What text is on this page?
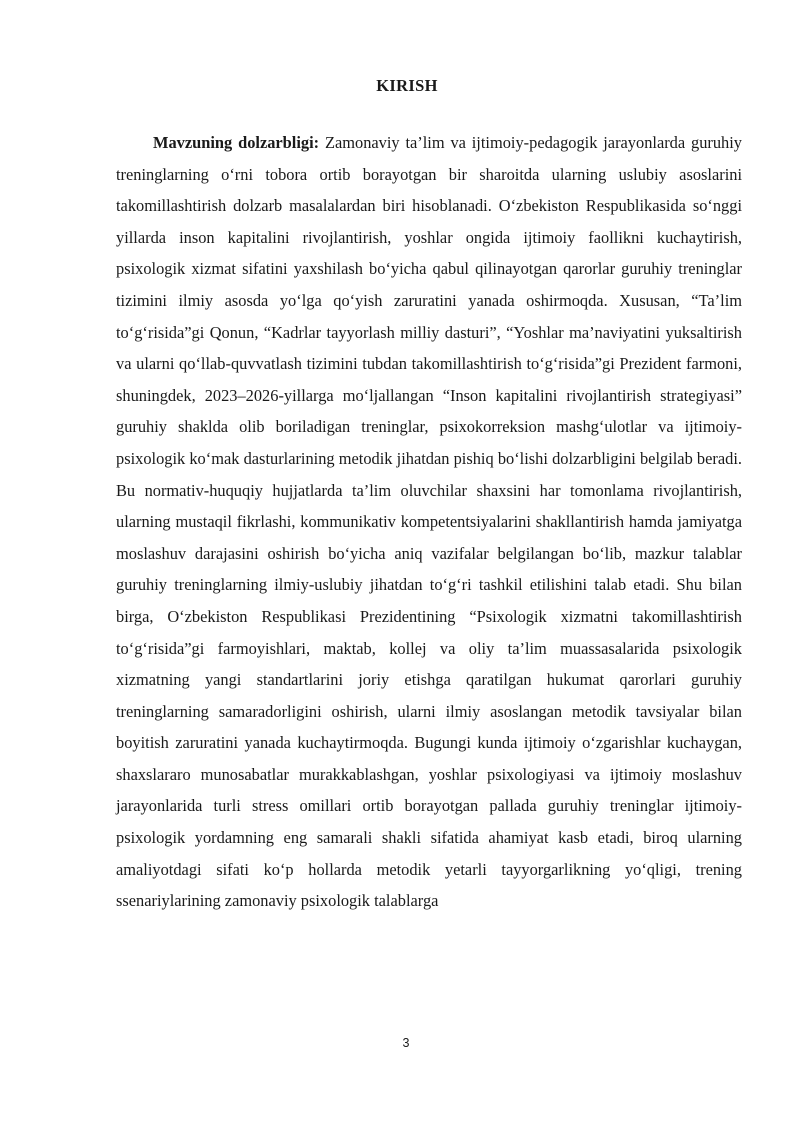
KIRISH

Mavzuning dolzarbligi: Zamonaviy ta’lim va ijtimoiy-pedagogik jarayonlarda guruhiy treninglarning o‘rni tobora ortib borayotgan bir sharoitda ularning uslubiy asoslarini takomillashtirish dolzarb masalalardan biri hisoblanadi. O‘zbekiston Respublikasida so‘nggi yillarda inson kapitalini rivojlantirish, yoshlar ongida ijtimoiy faollikni kuchaytirish, psixologik xizmat sifatini yaxshilash bo‘yicha qabul qilinayotgan qarorlar guruhiy treninglar tizimini ilmiy asosda yo‘lga qo‘yish zaruratini yanada oshirmoqda. Xususan, “Ta’lim to‘g‘risida”gi Qonun, “Kadrlar tayyorlash milliy dasturi”, “Yoshlar ma’naviyatini yuksaltirish va ularni qo‘llab-quvvatlash tizimini tubdan takomillashtirish to‘g‘risida”gi Prezident farmoni, shuningdek, 2023–2026-yillarga mo‘ljallangan “Inson kapitalini rivojlantirish strategiyasi” guruhiy shaklda olib boriladigan treninglar, psixokorreksion mashg‘ulotlar va ijtimoiy-psixologik ko‘mak dasturlarining metodik jihatdan pishiq bo‘lishi dolzarbligini belgilab beradi. Bu normativ-huquqiy hujjatlarda ta’lim oluvchilar shaxsini har tomonlama rivojlantirish, ularning mustaqil fikrlashi, kommunikativ kompetentsiyalarini shakllantirish hamda jamiyatga moslashuv darajasini oshirish bo‘yicha aniq vazifalar belgilangan bo‘lib, mazkur talablar guruhiy treninglarning ilmiy-uslubiy jihatdan to‘g‘ri tashkil etilishini talab etadi. Shu bilan birga, O‘zbekiston Respublikasi Prezidentining “Psixologik xizmatni takomillashtirish to‘g‘risida”gi farmoyishlari, maktab, kollej va oliy ta’lim muassasalarida psixologik xizmatning yangi standartlarini joriy etishga qaratilgan hukumat qarorlari guruhiy treninglarning samaradorligini oshirish, ularni ilmiy asoslangan metodik tavsiyalar bilan boyitish zaruratini yanada kuchaytirmoqda. Bugungi kunda ijtimoiy o‘zgarishlar kuchaygan, shaxslararo munosabatlar murakkablashgan, yoshlar psixologiyasi va ijtimoiy moslashuv jarayonlarida turli stress omillari ortib borayotgan pallada guruhiy treninglar ijtimoiy-psixologik yordamning eng samarali shakli sifatida ahamiyat kasb etadi, biroq ularning amaliyotdagi sifati ko‘p hollarda metodik yetarli tayyorgarlikning yo‘qligi, trening ssenariylarining zamonaviy psixologik talablarga

3
